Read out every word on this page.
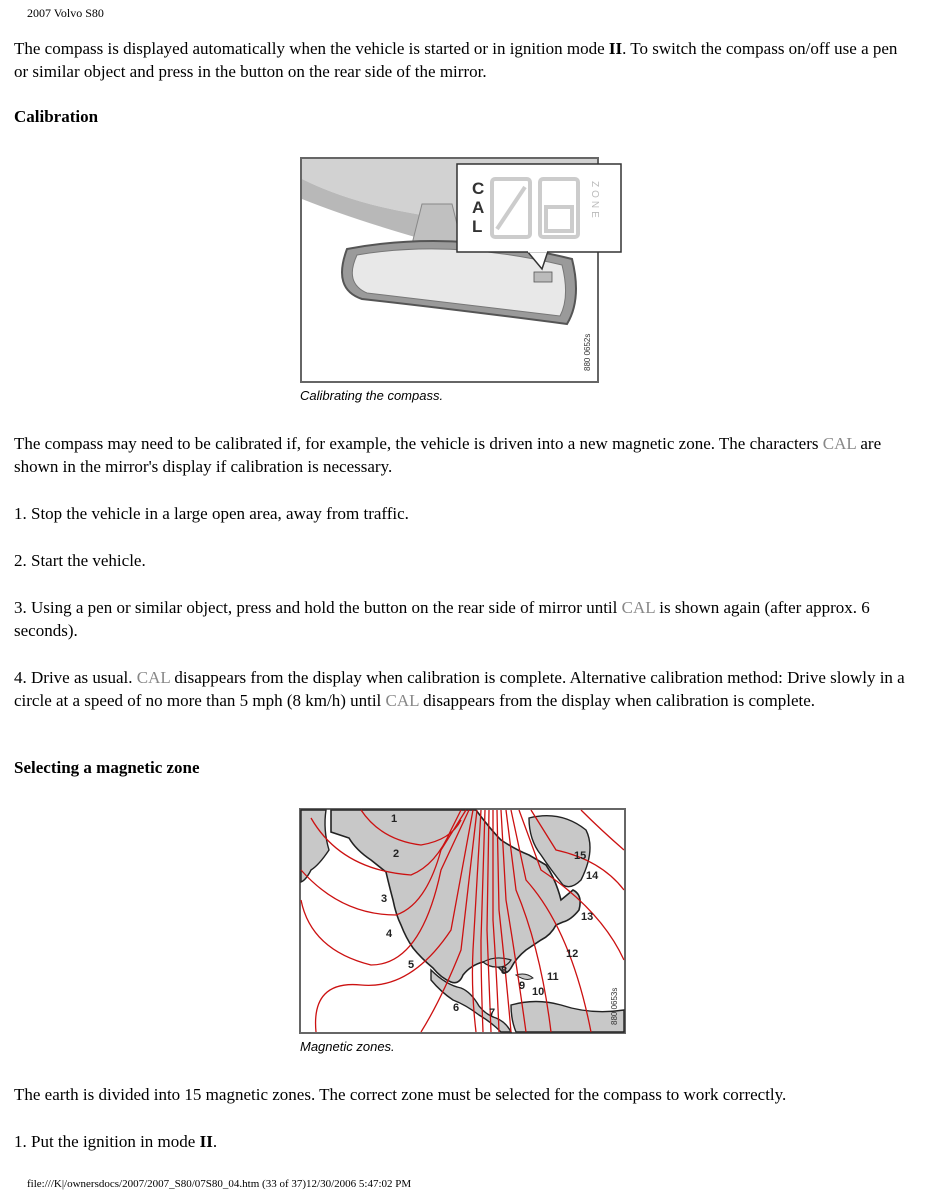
2007 Volvo S80

The compass is displayed automatically when the vehicle is started or in ignition mode II. To switch the compass on/off use a pen or similar object and press in the button on the rear side of the mirror.

Calibration
C
A
L
ZONE
880 0652s
Calibrating the compass.

The compass may need to be calibrated if, for example, the vehicle is driven into a new magnetic zone. The characters CAL are shown in the mirror's display if calibration is necessary.

1. Stop the vehicle in a large open area, away from traffic.

2. Start the vehicle.

3. Using a pen or similar object, press and hold the button on the rear side of mirror until CAL is shown again (after approx. 6 seconds).

4. Drive as usual. CAL disappears from the display when calibration is complete. Alternative calibration method: Drive slowly in a circle at a speed of no more than 5 mph (8 km/h) until CAL disappears from the display when calibration is complete.

Selecting a magnetic zone
1
2
3
4
5
6	7
8
9 10
11
12
13
14
15
880 0653s
Magnetic zones.

The earth is divided into 15 magnetic zones. The correct zone must be selected for the compass to work correctly.

1. Put the ignition in mode II.

file:///K|/ownersdocs/2007/2007_S80/07S80_04.htm (33 of 37)12/30/2006 5:47:02 PM
